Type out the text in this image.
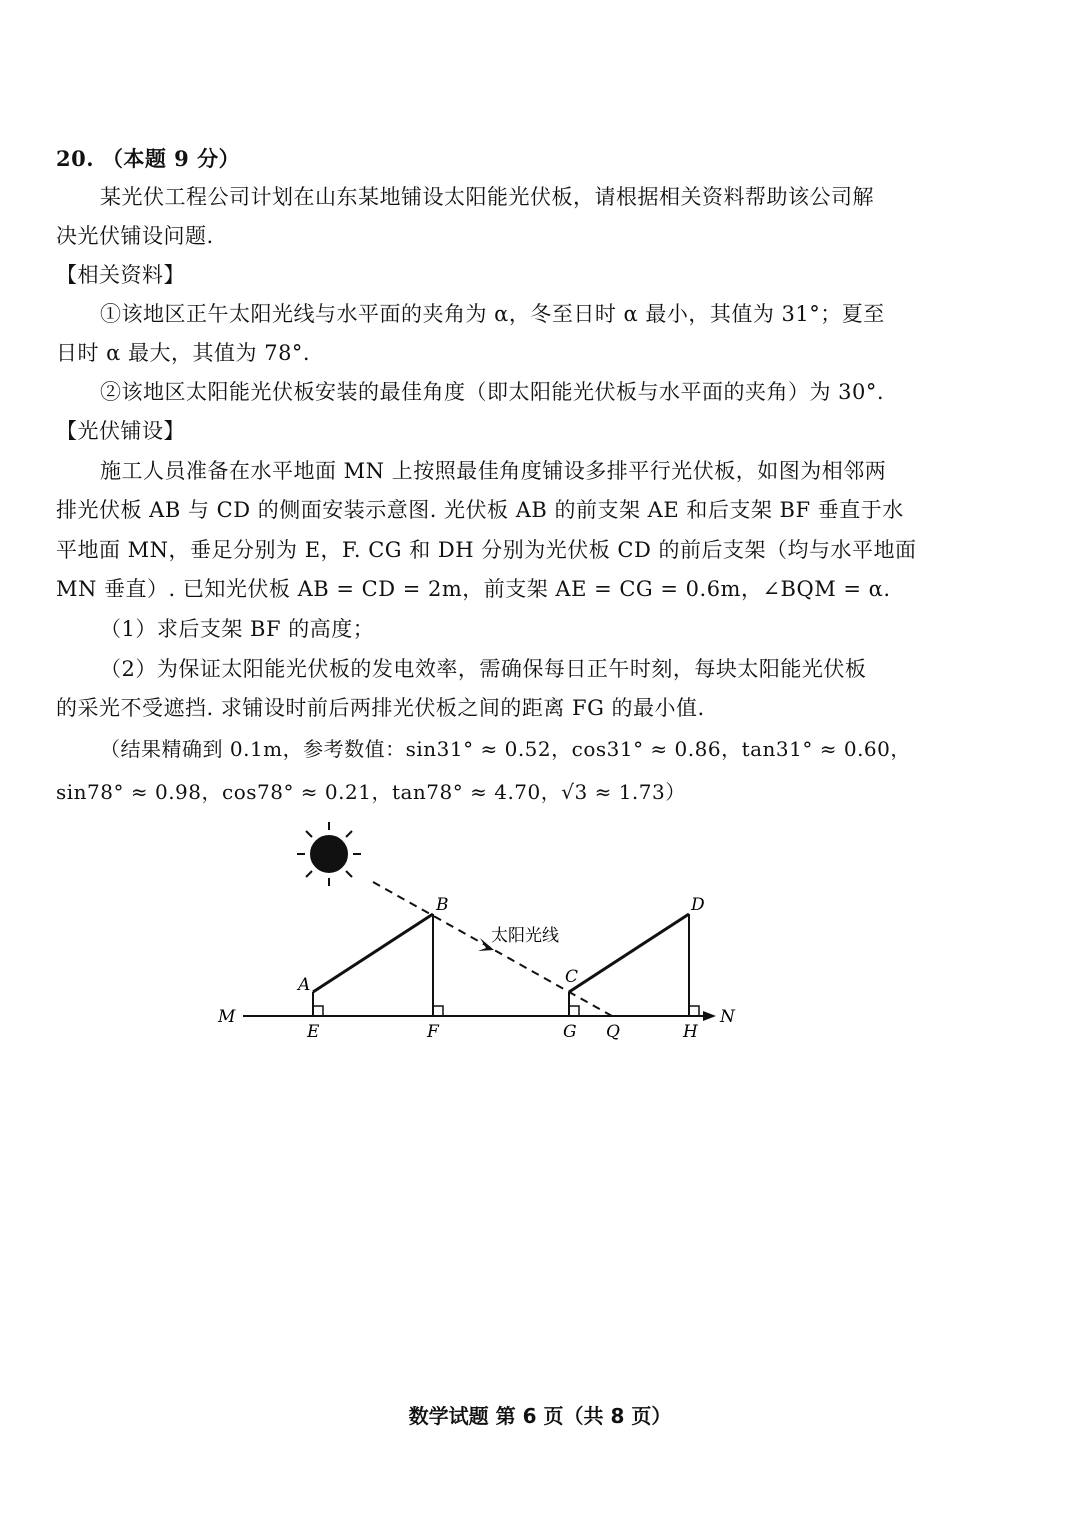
20. （本题 9 分）
某光伏工程公司计划在山东某地铺设太阳能光伏板，请根据相关资料帮助该公司解
决光伏铺设问题.
【相关资料】
①该地区正午太阳光线与水平面的夹角为 α，冬至日时 α 最小，其值为 31°；夏至
日时 α 最大，其值为 78°.
②该地区太阳能光伏板安装的最佳角度（即太阳能光伏板与水平面的夹角）为 30°.
【光伏铺设】
施工人员准备在水平地面 MN 上按照最佳角度铺设多排平行光伏板，如图为相邻两
排光伏板 AB 与 CD 的侧面安装示意图. 光伏板 AB 的前支架 AE 和后支架 BF 垂直于水
平地面 MN，垂足分别为 E，F. CG 和 DH 分别为光伏板 CD 的前后支架（均与水平地面
MN 垂直）. 已知光伏板 AB = CD = 2m，前支架 AE = CG = 0.6m，∠BQM = α.
（1）求后支架 BF 的高度；
（2）为保证太阳能光伏板的发电效率，需确保每日正午时刻，每块太阳能光伏板
的采光不受遮挡. 求铺设时前后两排光伏板之间的距离 FG 的最小值.
（结果精确到 0.1m，参考数值：sin31° ≈ 0.52，cos31° ≈ 0.86，tan31° ≈ 0.60，
sin78° ≈ 0.98，cos78° ≈ 0.21，tan78° ≈ 4.70，√3 ≈ 1.73）
M	N
A
B
C
D
E	F	G Q	H
太阳光线
数学试题 第 6 页（共 8 页）
